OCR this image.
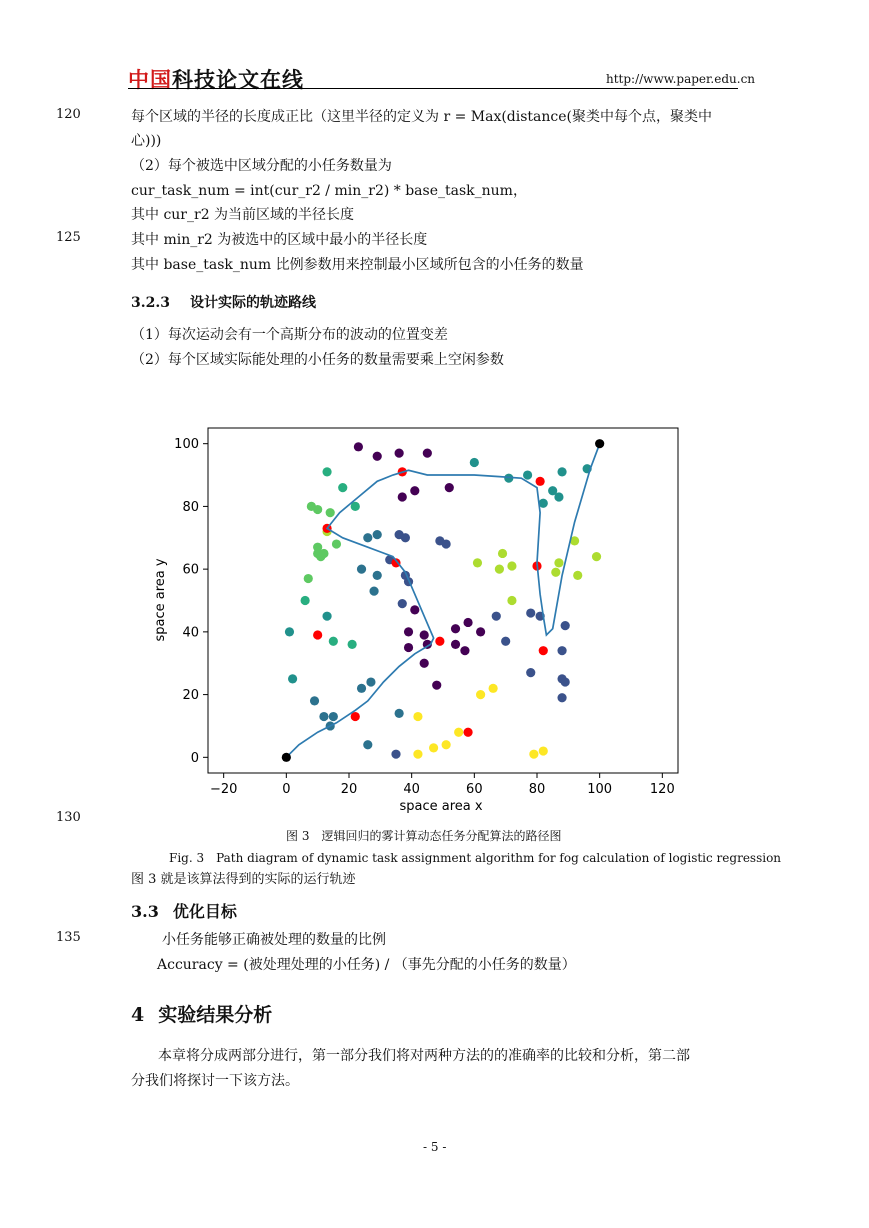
中国科技论文在线	http://www.paper.edu.cn
120	每个区域的半径的长度成正比（这里半径的定义为 r = Max(distance(聚类中每个点，聚类中
心)))
（2）每个被选中区域分配的小任务数量为
cur_task_num = int(cur_r2 / min_r2) * base_task_num，
其中 cur_r2 为当前区域的半径长度
125	其中 min_r2 为被选中的区域中最小的半径长度
其中 base_task_num 比例参数用来控制最小区域所包含的小任务的数量
3.2.3 设计实际的轨迹路线
（1）每次运动会有一个高斯分布的波动的位置变差
（2）每个区域实际能处理的小任务的数量需要乘上空闲参数
−20	0	20	40	60	80	100	120
0
20
40
60
80
100
space area x
space area y
130
图 3　逻辑回归的雾计算动态任务分配算法的路径图
Fig. 3　Path diagram of dynamic task assignment algorithm for fog calculation of logistic regression
图 3 就是该算法得到的实际的运行轨迹
3.3 优化目标
135	小任务能够正确被处理的数量的比例
Accuracy = (被处理处理的小任务) / （事先分配的小任务的数量）
4 实验结果分析
本章将分成两部分进行，第一部分我们将对两种方法的的准确率的比较和分析，第二部
分我们将探讨一下该方法。
- 5 -
